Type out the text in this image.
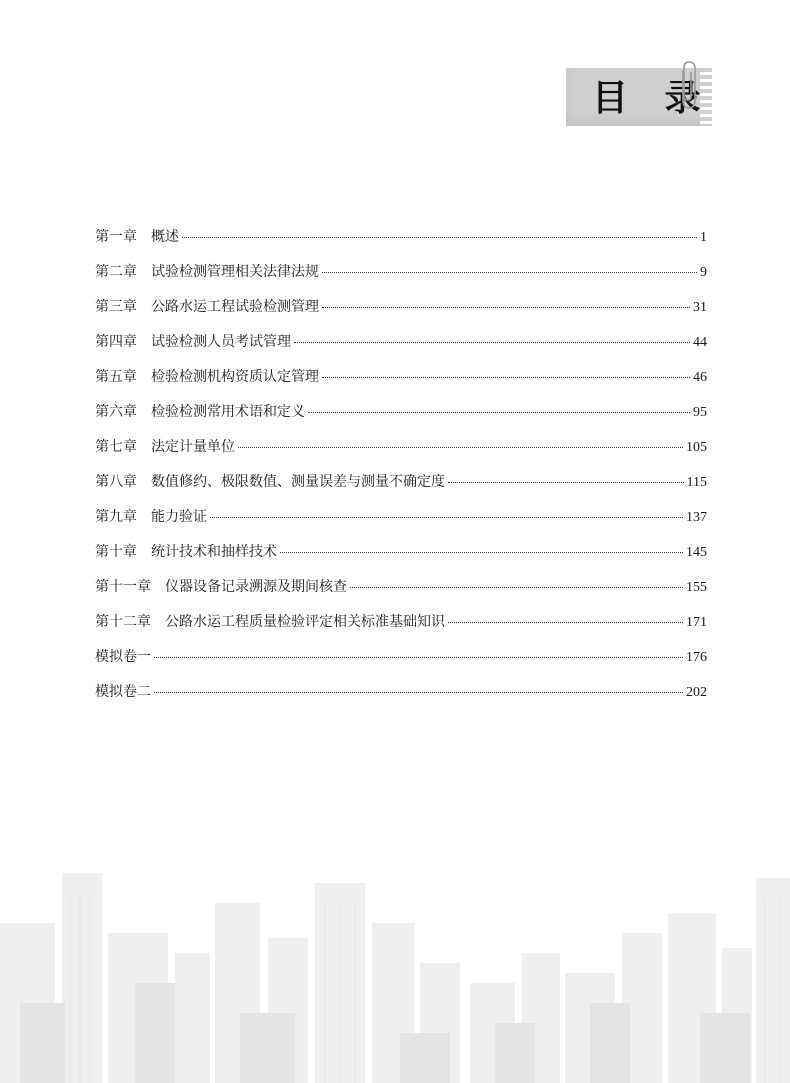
目 录
第一章 概述	1
第二章 试验检测管理相关法律法规	9
第三章 公路水运工程试验检测管理	31
第四章 试验检测人员考试管理	44
第五章 检验检测机构资质认定管理	46
第六章 检验检测常用术语和定义	95
第七章 法定计量单位	105
第八章 数值修约、极限数值、测量误差与测量不确定度	115
第九章 能力验证	137
第十章 统计技术和抽样技术	145
第十一章 仪器设备记录溯源及期间核查	155
第十二章 公路水运工程质量检验评定相关标准基础知识	171
模拟卷一	176
模拟卷二	202
